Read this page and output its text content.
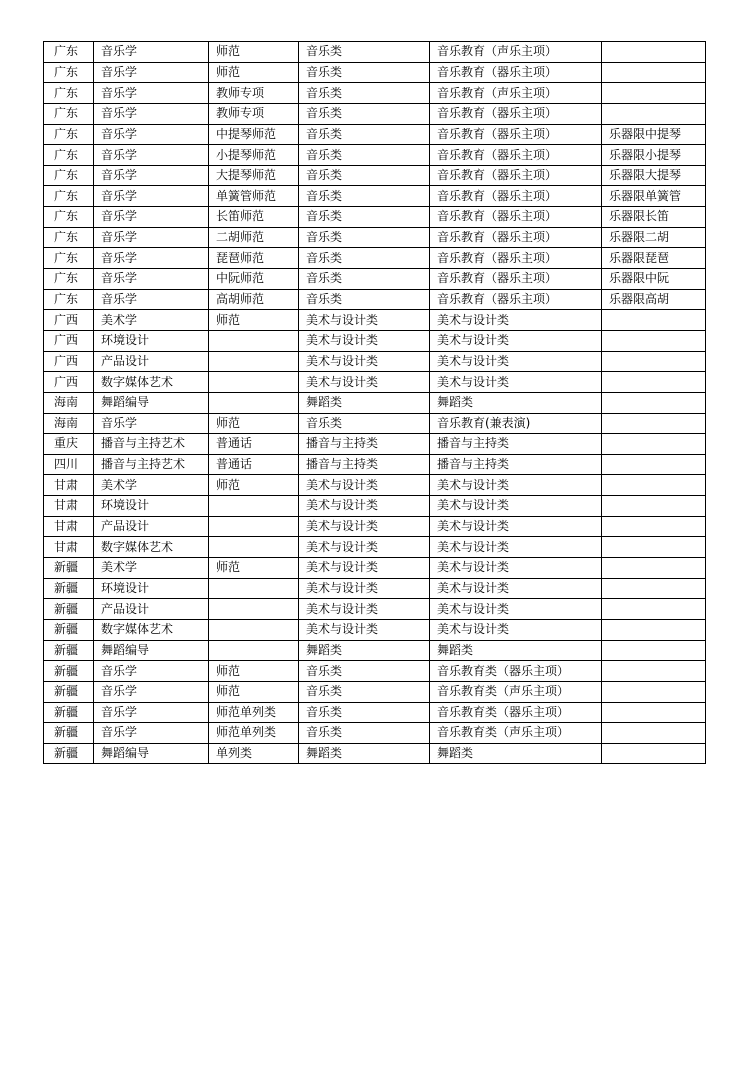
广东	音乐学	师范	音乐类	音乐教育（声乐主项）	
广东	音乐学	师范	音乐类	音乐教育（器乐主项）	
广东	音乐学	教师专项	音乐类	音乐教育（声乐主项）	
广东	音乐学	教师专项	音乐类	音乐教育（器乐主项）	
广东	音乐学	中提琴师范	音乐类	音乐教育（器乐主项）	乐器限中提琴
广东	音乐学	小提琴师范	音乐类	音乐教育（器乐主项）	乐器限小提琴
广东	音乐学	大提琴师范	音乐类	音乐教育（器乐主项）	乐器限大提琴
广东	音乐学	单簧管师范	音乐类	音乐教育（器乐主项）	乐器限单簧管
广东	音乐学	长笛师范	音乐类	音乐教育（器乐主项）	乐器限长笛
广东	音乐学	二胡师范	音乐类	音乐教育（器乐主项）	乐器限二胡
广东	音乐学	琵琶师范	音乐类	音乐教育（器乐主项）	乐器限琵琶
广东	音乐学	中阮师范	音乐类	音乐教育（器乐主项）	乐器限中阮
广东	音乐学	高胡师范	音乐类	音乐教育（器乐主项）	乐器限高胡
广西	美术学	师范	美术与设计类	美术与设计类	
广西	环境设计		美术与设计类	美术与设计类	
广西	产品设计		美术与设计类	美术与设计类	
广西	数字媒体艺术		美术与设计类	美术与设计类	
海南	舞蹈编导		舞蹈类	舞蹈类	
海南	音乐学	师范	音乐类	音乐教育(兼表演)	
重庆	播音与主持艺术	普通话	播音与主持类	播音与主持类	
四川	播音与主持艺术	普通话	播音与主持类	播音与主持类	
甘肃	美术学	师范	美术与设计类	美术与设计类	
甘肃	环境设计		美术与设计类	美术与设计类	
甘肃	产品设计		美术与设计类	美术与设计类	
甘肃	数字媒体艺术		美术与设计类	美术与设计类	
新疆	美术学	师范	美术与设计类	美术与设计类	
新疆	环境设计		美术与设计类	美术与设计类	
新疆	产品设计		美术与设计类	美术与设计类	
新疆	数字媒体艺术		美术与设计类	美术与设计类	
新疆	舞蹈编导		舞蹈类	舞蹈类	
新疆	音乐学	师范	音乐类	音乐教育类（器乐主项）	
新疆	音乐学	师范	音乐类	音乐教育类（声乐主项）	
新疆	音乐学	师范单列类	音乐类	音乐教育类（器乐主项）	
新疆	音乐学	师范单列类	音乐类	音乐教育类（声乐主项）	
新疆	舞蹈编导	单列类	舞蹈类	舞蹈类	
